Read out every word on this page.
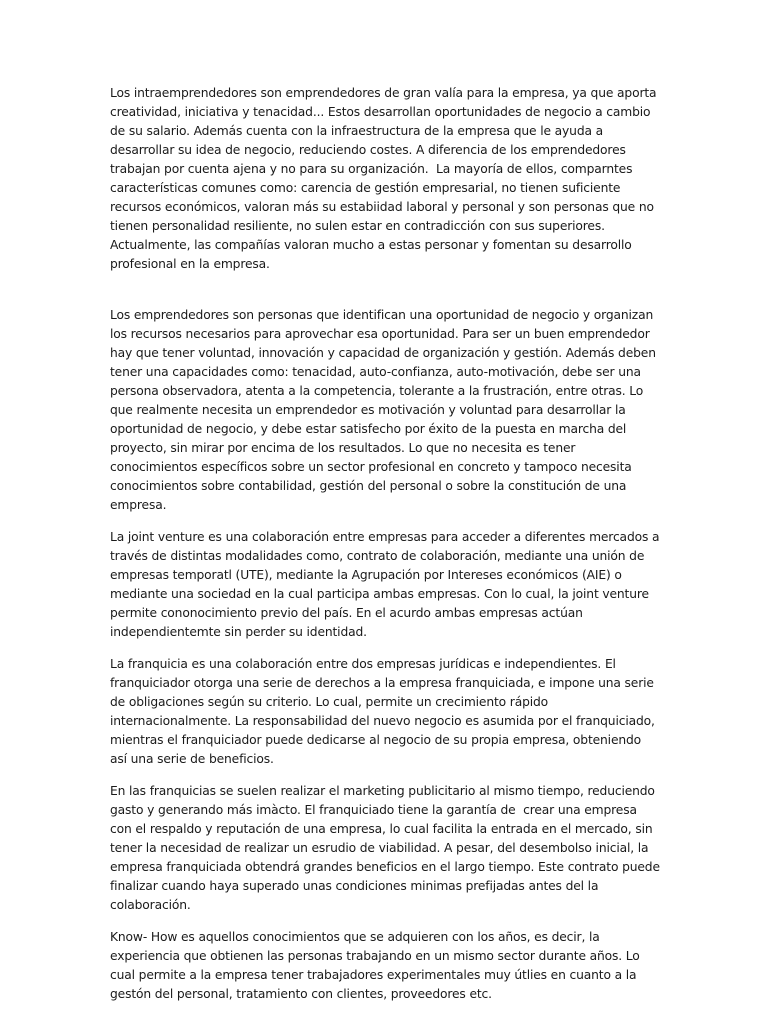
Los intraemprendedores son emprendedores de gran valía para la empresa, ya que aporta creatividad, iniciativa y tenacidad... Estos desarrollan oportunidades de negocio a cambio de su salario. Además cuenta con la infraestructura de la empresa que le ayuda a desarrollar su idea de negocio, reduciendo costes. A diferencia de los emprendedores trabajan por cuenta ajena y no para su organización.  La mayoría de ellos, comparntes características comunes como: carencia de gestión empresarial, no tienen suficiente recursos económicos, valoran más su estabiidad laboral y personal y son personas que no tienen personalidad resiliente, no sulen estar en contradicción con sus superiores. Actualmente, las compañías valoran mucho a estas personar y fomentan su desarrollo profesional en la empresa.

Los emprendedores son personas que identifican una oportunidad de negocio y organizan los recursos necesarios para aprovechar esa oportunidad. Para ser un buen emprendedor hay que tener voluntad, innovación y capacidad de organización y gestión. Además deben tener una capacidades como: tenacidad, auto-confianza, auto-motivación, debe ser una persona observadora, atenta a la competencia, tolerante a la frustración, entre otras. Lo que realmente necesita un emprendedor es motivación y voluntad para desarrollar la oportunidad de negocio, y debe estar satisfecho por éxito de la puesta en marcha del proyecto, sin mirar por encima de los resultados. Lo que no necesita es tener conocimientos específicos sobre un sector profesional en concreto y tampoco necesita conocimientos sobre contabilidad, gestión del personal o sobre la constitución de una empresa.

La joint venture es una colaboración entre empresas para acceder a diferentes mercados a través de distintas modalidades como, contrato de colaboración, mediante una unión de empresas temporatl (UTE), mediante la Agrupación por Intereses económicos (AIE) o mediante una sociedad en la cual participa ambas empresas. Con lo cual, la joint venture permite cononocimiento previo del país. En el acurdo ambas empresas actúan independientemte sin perder su identidad.

La franquicia es una colaboración entre dos empresas jurídicas e independientes. El franquiciador otorga una serie de derechos a la empresa franquiciada, e impone una serie de obligaciones según su criterio. Lo cual, permite un crecimiento rápido internacionalmente. La responsabilidad del nuevo negocio es asumida por el franquiciado, mientras el franquiciador puede dedicarse al negocio de su propia empresa, obteniendo así una serie de beneficios.

En las franquicias se suelen realizar el marketing publicitario al mismo tiempo, reduciendo gasto y generando más imàcto. El franquiciado tiene la garantía de  crear una empresa con el respaldo y reputación de una empresa, lo cual facilita la entrada en el mercado, sin tener la necesidad de realizar un esrudio de viabilidad. A pesar, del desembolso inicial, la empresa franquiciada obtendrá grandes beneficios en el largo tiempo. Este contrato puede finalizar cuando haya superado unas condiciones minimas prefijadas antes del la colaboración.

Know- How es aquellos conocimientos que se adquieren con los años, es decir, la experiencia que obtienen las personas trabajando en un mismo sector durante años. Lo cual permite a la empresa tener trabajadores experimentales muy útlies en cuanto a la gestón del personal, tratamiento con clientes, proveedores etc.
